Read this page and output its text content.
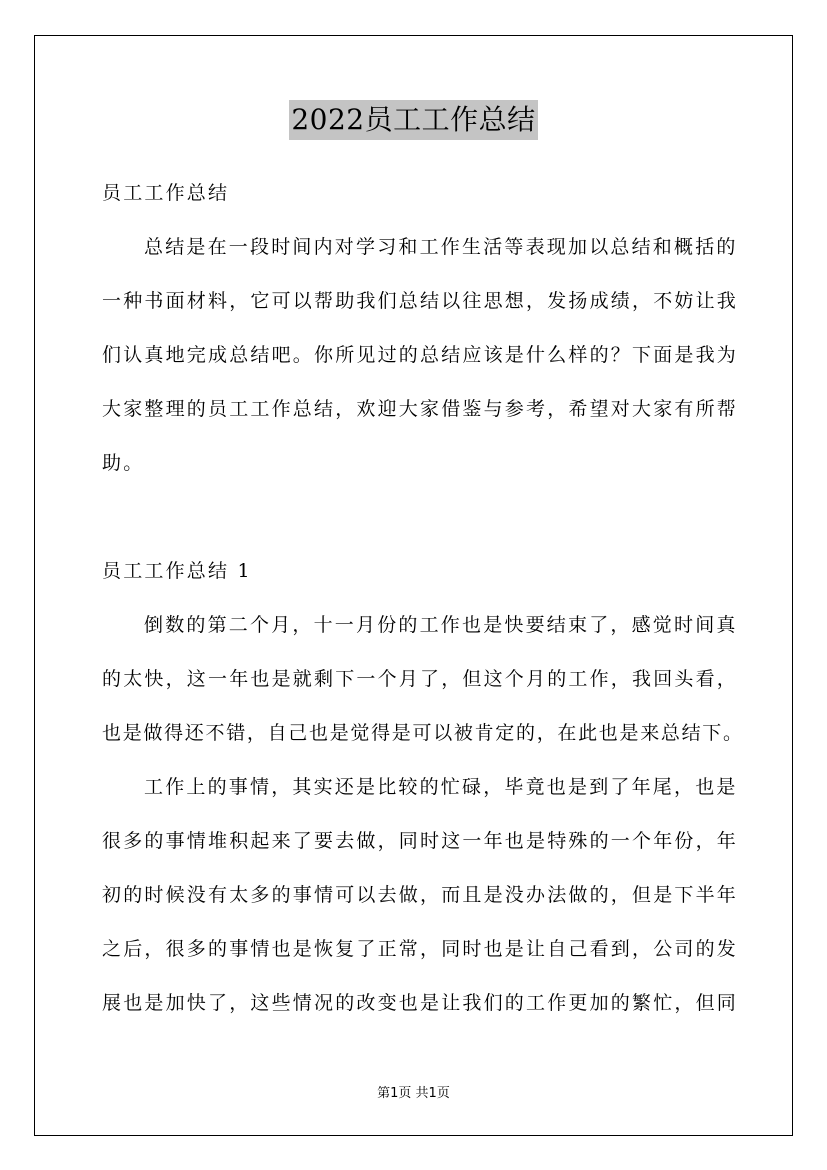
2022员工工作总结
员工工作总结
总结是在一段时间内对学习和工作生活等表现加以总结和概括的
一种书面材料，它可以帮助我们总结以往思想，发扬成绩，不妨让我
们认真地完成总结吧。你所见过的总结应该是什么样的？下面是我为
大家整理的员工工作总结，欢迎大家借鉴与参考，希望对大家有所帮
助。
员工工作总结 1
倒数的第二个月，十一月份的工作也是快要结束了，感觉时间真
的太快，这一年也是就剩下一个月了，但这个月的工作，我回头看，
也是做得还不错，自己也是觉得是可以被肯定的，在此也是来总结下。
工作上的事情，其实还是比较的忙碌，毕竟也是到了年尾，也是
很多的事情堆积起来了要去做，同时这一年也是特殊的一个年份，年
初的时候没有太多的事情可以去做，而且是没办法做的，但是下半年
之后，很多的事情也是恢复了正常，同时也是让自己看到，公司的发
展也是加快了，这些情况的改变也是让我们的工作更加的繁忙，但同
第1页 共1页
